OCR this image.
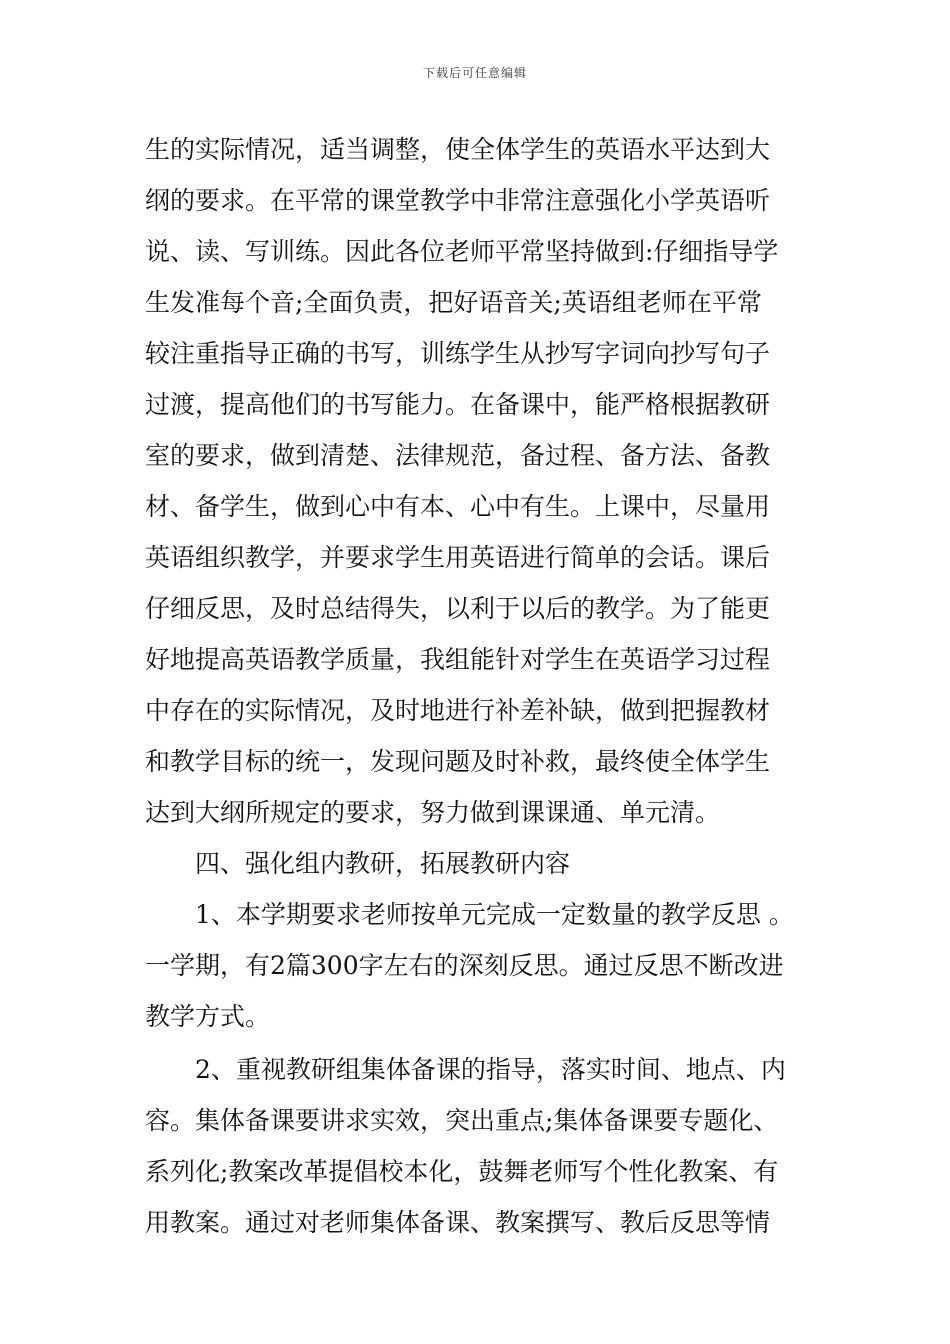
下载后可任意编辑
生的实际情况，适当调整，使全体学生的英语水平达到大
纲的要求。在平常的课堂教学中非常注意强化小学英语听
说、读、写训练。因此各位老师平常坚持做到:仔细指导学
生发准每个音;全面负责，把好语音关;英语组老师在平常
较注重指导正确的书写，训练学生从抄写字词向抄写句子
过渡，提高他们的书写能力。在备课中，能严格根据教研
室的要求，做到清楚、法律规范，备过程、备方法、备教
材、备学生，做到心中有本、心中有生。上课中，尽量用
英语组织教学，并要求学生用英语进行简单的会话。课后
仔细反思，及时总结得失，以利于以后的教学。为了能更
好地提高英语教学质量，我组能针对学生在英语学习过程
中存在的实际情况，及时地进行补差补缺，做到把握教材
和教学目标的统一，发现问题及时补救，最终使全体学生
达到大纲所规定的要求，努力做到课课通、单元清。
四、强化组内教研，拓展教研内容
1、本学期要求老师按单元完成一定数量的教学反思 。
一学期，有2篇300字左右的深刻反思。通过反思不断改进
教学方式。
2、重视教研组集体备课的指导，落实时间、地点、内
容。集体备课要讲求实效，突出重点;集体备课要专题化、
系列化;教案改革提倡校本化，鼓舞老师写个性化教案、有
用教案。通过对老师集体备课、教案撰写、教后反思等情
